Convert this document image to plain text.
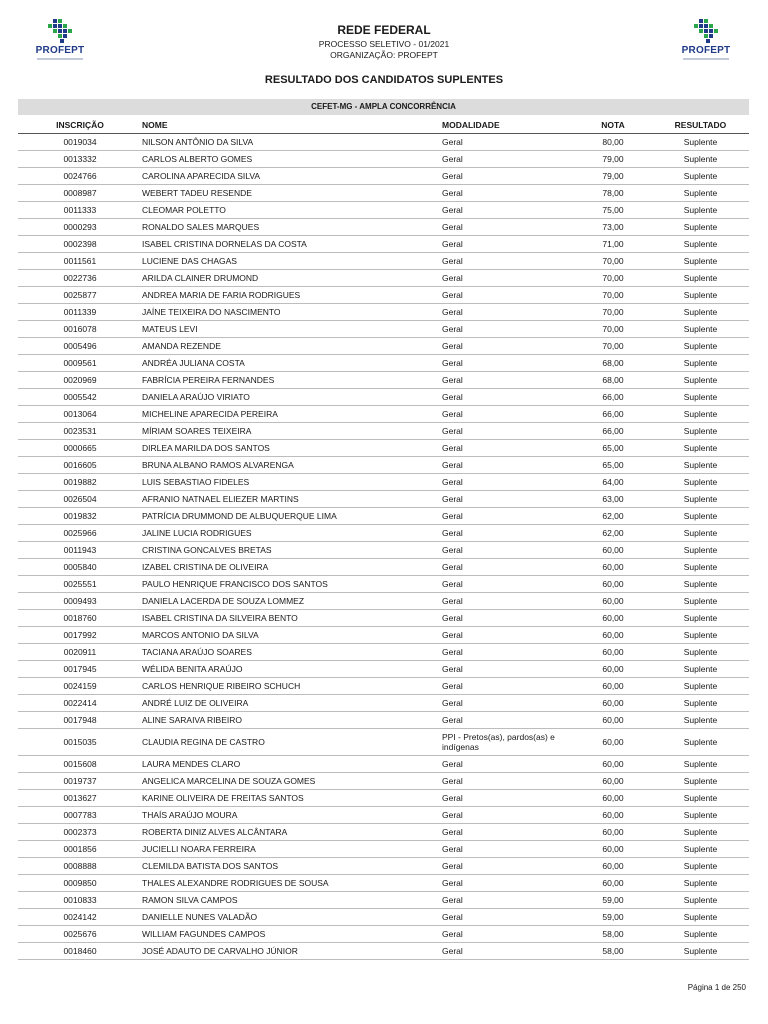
PROFEPT	PROFEPT
REDE FEDERAL
PROCESSO SELETIVO - 01/2021
ORGANIZAÇÃO: PROFEPT
RESULTADO DOS CANDIDATOS SUPLENTES
CEFET-MG - AMPLA CONCORRÊNCIA
INSCRIÇÃO	NOME	MODALIDADE	NOTA	RESULTADO
0019034	NILSON ANTÔNIO DA SILVA	Geral	80,00	Suplente
0013332	CARLOS ALBERTO GOMES	Geral	79,00	Suplente
0024766	CAROLINA APARECIDA SILVA	Geral	79,00	Suplente
0008987	WEBERT TADEU RESENDE	Geral	78,00	Suplente
0011333	CLEOMAR POLETTO	Geral	75,00	Suplente
0000293	RONALDO SALES MARQUES	Geral	73,00	Suplente
0002398	ISABEL CRISTINA DORNELAS DA COSTA	Geral	71,00	Suplente
0011561	LUCIENE DAS CHAGAS	Geral	70,00	Suplente
0022736	ARILDA CLAINER DRUMOND	Geral	70,00	Suplente
0025877	ANDREA MARIA DE FARIA RODRIGUES	Geral	70,00	Suplente
0011339	JAÍNE TEIXEIRA DO NASCIMENTO	Geral	70,00	Suplente
0016078	MATEUS LEVI	Geral	70,00	Suplente
0005496	AMANDA REZENDE	Geral	70,00	Suplente
0009561	ANDRÉA JULIANA COSTA	Geral	68,00	Suplente
0020969	FABRÍCIA PEREIRA FERNANDES	Geral	68,00	Suplente
0005542	DANIELA ARAÚJO VIRIATO	Geral	66,00	Suplente
0013064	MICHELINE APARECIDA PEREIRA	Geral	66,00	Suplente
0023531	MÍRIAM SOARES TEIXEIRA	Geral	66,00	Suplente
0000665	DIRLEA MARILDA DOS SANTOS	Geral	65,00	Suplente
0016605	BRUNA ALBANO RAMOS ALVARENGA	Geral	65,00	Suplente
0019882	LUIS SEBASTIAO FIDELES	Geral	64,00	Suplente
0026504	AFRANIO NATNAEL ELIEZER MARTINS	Geral	63,00	Suplente
0019832	PATRÍCIA DRUMMOND DE ALBUQUERQUE LIMA	Geral	62,00	Suplente
0025966	JALINE LUCIA RODRIGUES	Geral	62,00	Suplente
0011943	CRISTINA GONCALVES BRETAS	Geral	60,00	Suplente
0005840	IZABEL CRISTINA DE OLIVEIRA	Geral	60,00	Suplente
0025551	PAULO HENRIQUE FRANCISCO DOS SANTOS	Geral	60,00	Suplente
0009493	DANIELA LACERDA DE SOUZA LOMMEZ	Geral	60,00	Suplente
0018760	ISABEL CRISTINA DA SILVEIRA BENTO	Geral	60,00	Suplente
0017992	MARCOS ANTONIO DA SILVA	Geral	60,00	Suplente
0020911	TACIANA ARAÚJO SOARES	Geral	60,00	Suplente
0017945	WÉLIDA BENITA ARAÚJO	Geral	60,00	Suplente
0024159	CARLOS HENRIQUE RIBEIRO SCHUCH	Geral	60,00	Suplente
0022414	ANDRÉ LUIZ DE OLIVEIRA	Geral	60,00	Suplente
0017948	ALINE SARAIVA RIBEIRO	Geral	60,00	Suplente
0015035	CLAUDIA REGINA DE CASTRO	PPI - Pretos(as), pardos(as) e indígenas	60,00	Suplente
0015608	LAURA MENDES CLARO	Geral	60,00	Suplente
0019737	ANGELICA MARCELINA DE SOUZA GOMES	Geral	60,00	Suplente
0013627	KARINE OLIVEIRA DE FREITAS SANTOS	Geral	60,00	Suplente
0007783	THAÍS ARAÚJO MOURA	Geral	60,00	Suplente
0002373	ROBERTA DINIZ ALVES ALCÂNTARA	Geral	60,00	Suplente
0001856	JUCIELLI NOARA FERREIRA	Geral	60,00	Suplente
0008888	CLEMILDA BATISTA DOS SANTOS	Geral	60,00	Suplente
0009850	THALES ALEXANDRE RODRIGUES DE SOUSA	Geral	60,00	Suplente
0010833	RAMON SILVA CAMPOS	Geral	59,00	Suplente
0024142	DANIELLE NUNES VALADÃO	Geral	59,00	Suplente
0025676	WILLIAM FAGUNDES CAMPOS	Geral	58,00	Suplente
0018460	JOSÉ ADAUTO DE CARVALHO JÚNIOR	Geral	58,00	Suplente
Página 1 de 250
